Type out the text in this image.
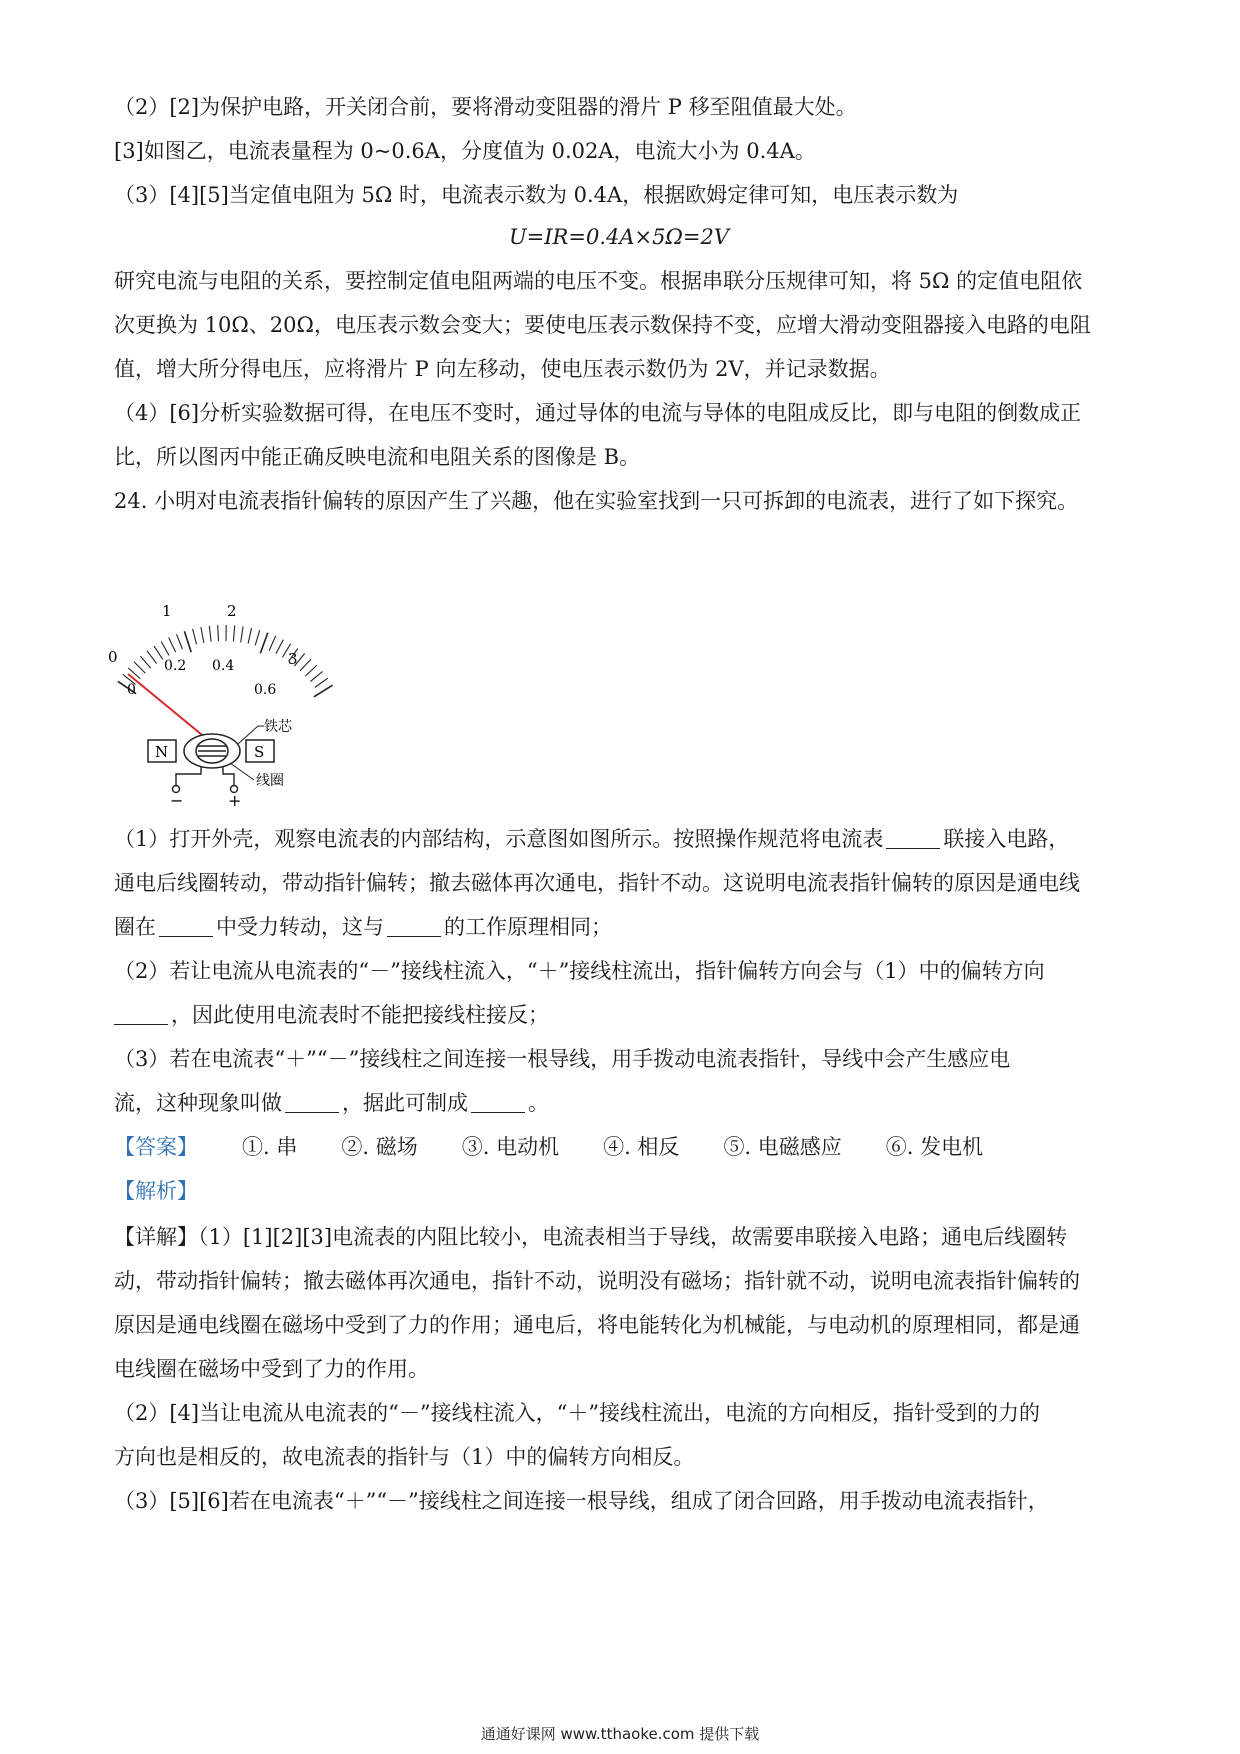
（2）[2]为保护电路，开关闭合前，要将滑动变阻器的滑片 P 移至阻值最大处。
[3]如图乙，电流表量程为 0~0.6A，分度值为 0.02A，电流大小为 0.4A。
（3）[4][5]当定值电阻为 5Ω 时，电流表示数为 0.4A，根据欧姆定律可知，电压表示数为
U=IR=0.4A×5Ω=2V
研究电流与电阻的关系，要控制定值电阻两端的电压不变。根据串联分压规律可知，将 5Ω 的定值电阻依
次更换为 10Ω、20Ω，电压表示数会变大；要使电压表示数保持不变，应增大滑动变阻器接入电路的电阻
值，增大所分得电压，应将滑片 P 向左移动，使电压表示数仍为 2V，并记录数据。
（4）[6]分析实验数据可得，在电压不变时，通过导体的电流与导体的电阻成反比，即与电阻的倒数成正
比，所以图丙中能正确反映电流和电阻关系的图像是 B。
24. 小明对电流表指针偏转的原因产生了兴趣，他在实验室找到一只可拆卸的电流表，进行了如下探究。
0
1	2
3
0
0.2 0.4
0.6
N	S
铁芯
线圈
−	+
（1）打开外壳，观察电流表的内部结构，示意图如图所示。按照操作规范将电流表	联接入电路，
通电后线圈转动，带动指针偏转；撤去磁体再次通电，指针不动。这说明电流表指针偏转的原因是通电线
圈在	中受力转动，这与	的工作原理相同；
（2）若让电流从电流表的“－”接线柱流入，“＋”接线柱流出，指针偏转方向会与（1）中的偏转方向
，因此使用电流表时不能把接线柱接反；
（3）若在电流表“＋”“－”接线柱之间连接一根导线，用手拨动电流表指针，导线中会产生感应电
流，这种现象叫做	，据此可制成	。
【答案】 ①. 串 ②. 磁场 ③. 电动机 ④. 相反 ⑤. 电磁感应 ⑥. 发电机
【解析】
【详解】（1）[1][2][3]电流表的内阻比较小，电流表相当于导线，故需要串联接入电路；通电后线圈转
动，带动指针偏转；撤去磁体再次通电，指针不动，说明没有磁场；指针就不动，说明电流表指针偏转的
原因是通电线圈在磁场中受到了力的作用；通电后，将电能转化为机械能，与电动机的原理相同，都是通
电线圈在磁场中受到了力的作用。
（2）[4]当让电流从电流表的“－”接线柱流入，“＋”接线柱流出，电流的方向相反，指针受到的力的
方向也是相反的，故电流表的指针与（1）中的偏转方向相反。
（3）[5][6]若在电流表“＋”“－”接线柱之间连接一根导线，组成了闭合回路，用手拨动电流表指针，
通通好课网 www.tthaoke.com 提供下载
